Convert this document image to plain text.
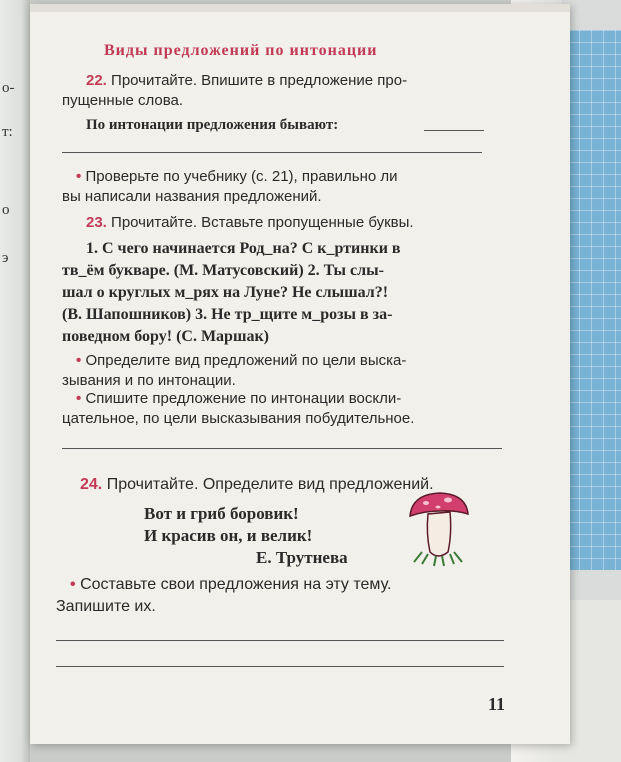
о-
т:
о
э
Виды предложений по интонации
22. Прочитайте. Впишите в предложение про-
пущенные слова.
По интонации предложения бывают:
• Проверьте по учебнику (с. 21), правильно ли
вы написали названия предложений.
23. Прочитайте. Вставьте пропущенные буквы.
1. С чего начинается Род_на? С к_ртинки в
тв_ём букваре. (М. Матусовский) 2. Ты слы-
шал о круглых м_рях на Луне? Не слышал?!
(В. Шапошников) 3. Не тр_щите м_розы в за-
поведном бору! (С. Маршак)
• Определите вид предложений по цели выска-
зывания и по интонации.
• Спишите предложение по интонации воскли-
цательное, по цели высказывания побудительное.
24. Прочитайте. Определите вид предложений.
Вот и гриб боровик!
И красив он, и велик!
Е. Трутнева
• Составьте свои предложения на эту тему.
Запишите их.
11
